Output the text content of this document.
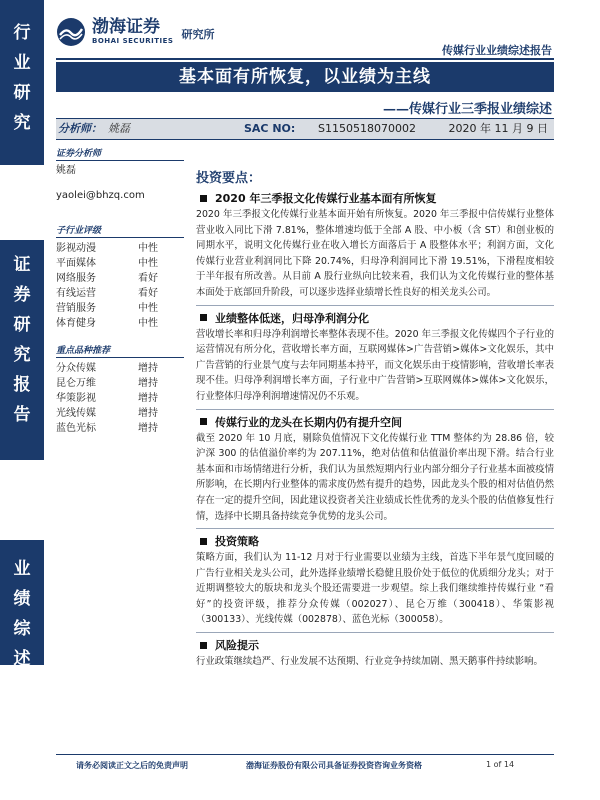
行
业
研
究
证
券
研
究
报
告
业
绩
综
述
渤海证券
BOHAI SECURITIES 研究所
传媒行业业绩综述报告
基本面有所恢复，以业绩为主线
——传媒行业三季报业绩综述
分析师： 姚磊	SAC NO: S1150518070002	2020 年 11 月 9 日
证券分析师
姚磊
yaolei@bhzq.com
子行业评级
影视动漫	中性
平面媒体	中性
网络服务	看好
有线运营	看好
营销服务	中性
体育健身	中性
重点品种推荐
分众传媒	增持
昆仑万维	增持
华策影视	增持
光线传媒	增持
蓝色光标	增持
投资要点：
2020 年三季报文化传媒行业基本面有所恢复
2020 年三季报文化传媒行业基本面开始有所恢复。2020 年三季报中信传媒行业整体营业收入同比下滑 7.81%，整体增速均低于全部 A 股、中小板（含 ST）和创业板的同期水平，说明文化传媒行业在收入增长方面落后于 A 股整体水平；利润方面，文化传媒行业营业利润同比下降 20.74%，归母净利润同比下滑 19.51%，下滑程度相较于半年报有所改善。从目前 A 股行业纵向比较来看，我们认为文化传媒行业的整体基本面处于底部回升阶段，可以逐步选择业绩增长性良好的相关龙头公司。
业绩整体低迷，归母净利润分化
营收增长率和归母净利润增长率整体表现不佳。2020 年三季报文化传媒四个子行业的运营情况有所分化，营收增长率方面，互联网媒体>广告营销>媒体>文化娱乐，其中广告营销的行业景气度与去年同期基本持平，而文化娱乐由于疫情影响，营收增长率表现不佳。归母净利润增长率方面，子行业中广告营销>互联网媒体>媒体>文化娱乐，行业整体归母净利润增速情况仍不乐观。
传媒行业的龙头在长期内仍有提升空间
截至 2020 年 10 月底，剔除负值情况下文化传媒行业 TTM 整体约为 28.86 倍，较沪深 300 的估值溢价率约为 207.11%，绝对估值和估值溢价率出现下滑。结合行业基本面和市场情绪进行分析，我们认为虽然短期内行业内部分细分子行业基本面被疫情所影响，在长期内行业整体的需求度仍然有提升的趋势，因此龙头个股的相对估值仍然存在一定的提升空间，因此建议投资者关注业绩成长性优秀的龙头个股的估值修复性行情，选择中长期具备持续竞争优势的龙头公司。
投资策略
策略方面，我们认为 11-12 月对于行业需要以业绩为主线，首选下半年景气度回暖的广告行业相关龙头公司，此外选择业绩增长稳健且股价处于低位的优质细分龙头；对于近期调整较大的版块和龙头个股还需要进一步观望。综上我们继续维持传媒行业 “看好”的投资评级，推荐分众传媒（002027）、昆仑万维（300418）、华策影视（300133）、光线传媒（002878）、蓝色光标（300058）。
风险提示
行业政策继续趋严、行业发展不达预期、行业竞争持续加剧、黑天鹅事件持续影响。
请务必阅读正文之后的免责声明	渤海证券股份有限公司具备证券投资咨询业务资格	1 of 14
